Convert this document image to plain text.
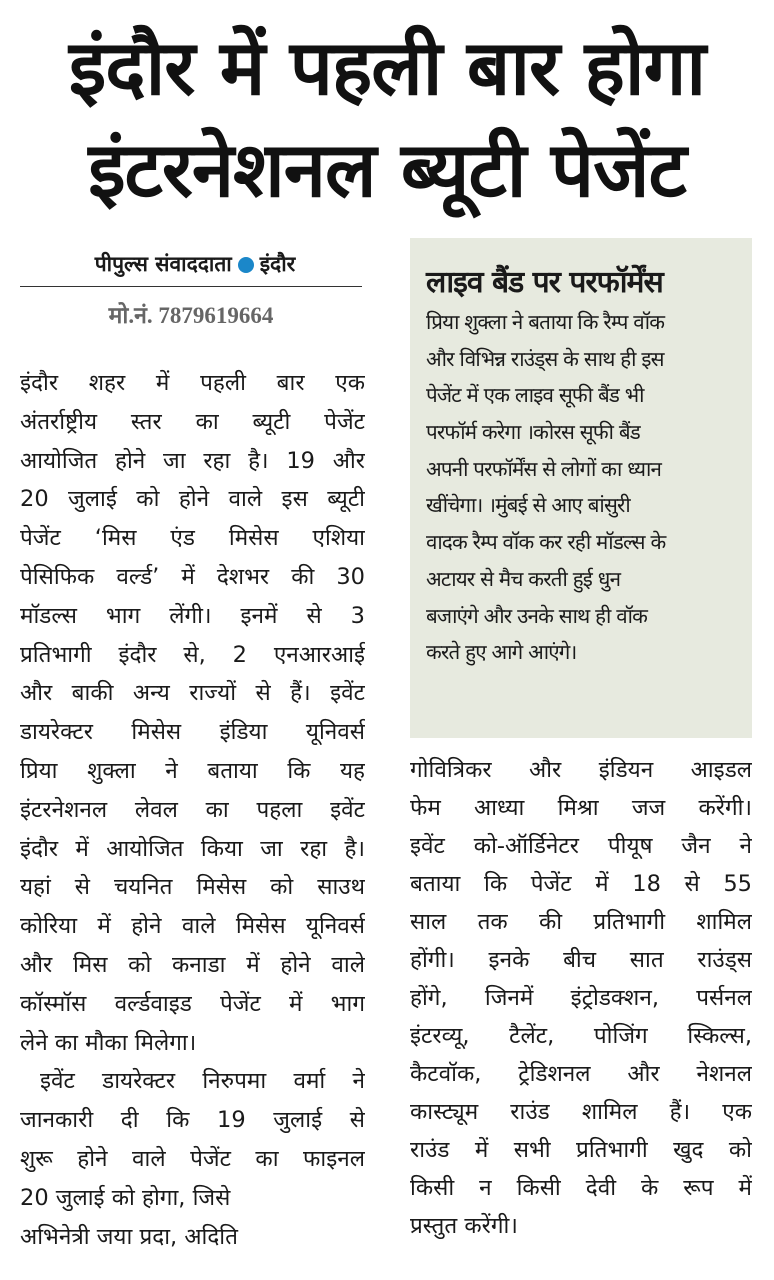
इंदौर में पहली बार होगा
इंटरनेशनल ब्यूटी पेजेंट
पीपुल्स संवाददाता इंदौर
मो.नं. 7879619664
इंदौर शहर में पहली बार एक
अंतर्राष्ट्रीय स्तर का ब्यूटी पेजेंट
आयोजित होने जा रहा है। 19 और
20 जुलाई को होने वाले इस ब्यूटी
पेजेंट ‘मिस एंड मिसेस एशिया
पेसिफिक वर्ल्ड’ में देशभर की 30
मॉडल्स भाग लेंगी। इनमें से 3
प्रतिभागी इंदौर से, 2 एनआरआई
और बाकी अन्य राज्यों से हैं। इवेंट
डायरेक्टर मिसेस इंडिया यूनिवर्स
प्रिया शुक्ला ने बताया कि यह
इंटरनेशनल लेवल का पहला इवेंट
इंदौर में आयोजित किया जा रहा है।
यहां से चयनित मिसेस को साउथ
कोरिया में होने वाले मिसेस यूनिवर्स
और मिस को कनाडा में होने वाले
कॉस्मॉस वर्ल्डवाइड पेजेंट में भाग
लेने का मौका मिलेगा।
इवेंट डायरेक्टर निरुपमा वर्मा ने
जानकारी दी कि 19 जुलाई से
शुरू होने वाले पेजेंट का फाइनल
20 जुलाई को होगा, जिसे
अभिनेत्री जया प्रदा, अदिति
लाइव बैंड पर परफॉर्मेंस
प्रिया शुक्ला ने बताया कि रैम्प वॉक
और विभिन्न राउंड्स के साथ ही इस
पेजेंट में एक लाइव सूफी बैंड भी
परफॉर्म करेगा ।कोरस सूफी बैंड
अपनी परफॉर्मेंस से लोगों का ध्यान
खींचेगा। ।मुंबई से आए बांसुरी
वादक रैम्प वॉक कर रही मॉडल्स के
अटायर से मैच करती हुई धुन
बजाएंगे और उनके साथ ही वॉक
करते हुए आगे आएंगे।
गोवित्रिकर और इंडियन आइडल
फेम आध्या मिश्रा जज करेंगी।
इवेंट को-ऑर्डिनेटर पीयूष जैन ने
बताया कि पेजेंट में 18 से 55
साल तक की प्रतिभागी शामिल
होंगी। इनके बीच सात राउंड्स
होंगे, जिनमें इंट्रोडक्शन, पर्सनल
इंटरव्यू, टैलेंट, पोजिंग स्किल्स,
कैटवॉक, ट्रेडिशनल और नेशनल
कास्ट्यूम राउंड शामिल हैं। एक
राउंड में सभी प्रतिभागी खुद को
किसी न किसी देवी के रूप में
प्रस्तुत करेंगी।
